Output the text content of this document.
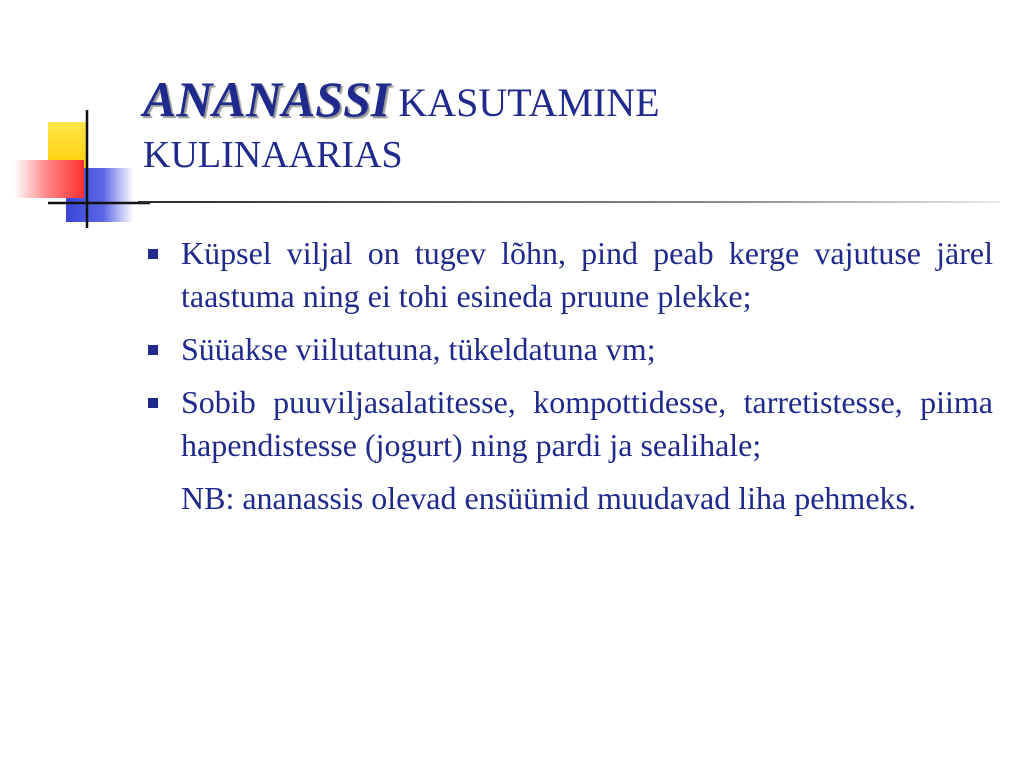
ANANASSI KASUTAMINE
KULINAARIAS
Küpsel viljal on tugev lõhn, pind peab kerge vajutuse järel taastuma ning ei tohi esineda pruune plekke;
Süüakse viilutatuna, tükeldatuna vm;
Sobib puuviljasalatitesse, kompottidesse, tarretistesse, piima hapendistesse (jogurt) ning pardi ja sealihale;
NB: ananassis olevad ensüümid muudavad liha pehmeks.
